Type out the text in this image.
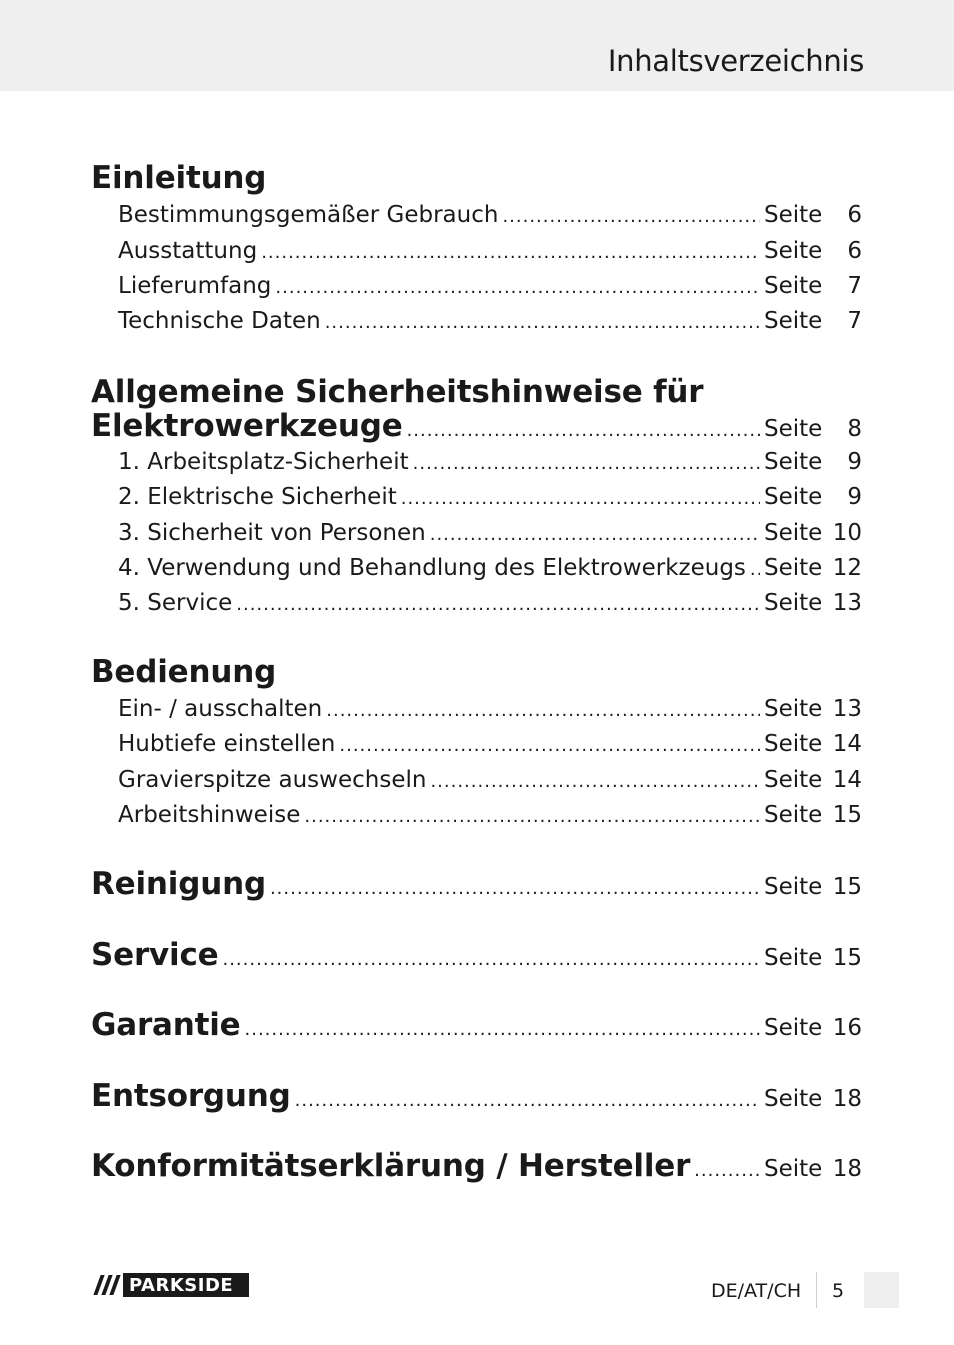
Inhaltsverzeichnis
Einleitung
Bestimmungsgemäßer Gebrauch .....	Seite	6
Ausstattung .....	Seite	6
Lieferumfang .....	Seite	7
Technische Daten .....	Seite	7
Allgemeine Sicherheitshinweise für
Elektrowerkzeuge .....	Seite	8
1. Arbeitsplatz-Sicherheit .....	Seite	9
2. Elektrische Sicherheit .....	Seite	9
3. Sicherheit von Personen .....	Seite 10
4. Verwendung und Behandlung des Elektrowerkzeugs ..... Seite 12
5. Service .....	Seite 13
Bedienung
Ein- / ausschalten .....	Seite 13
Hubtiefe einstellen .....	Seite 14
Gravierspitze auswechseln .....	Seite 14
Arbeitshinweise .....	Seite 15
Reinigung .....	Seite 15
Service .....	Seite 15
Garantie .....	Seite 16
Entsorgung .....	Seite 18
Konformitätserklärung / Hersteller .....	Seite 18
PARKSIDE	DE/AT/CH 5
